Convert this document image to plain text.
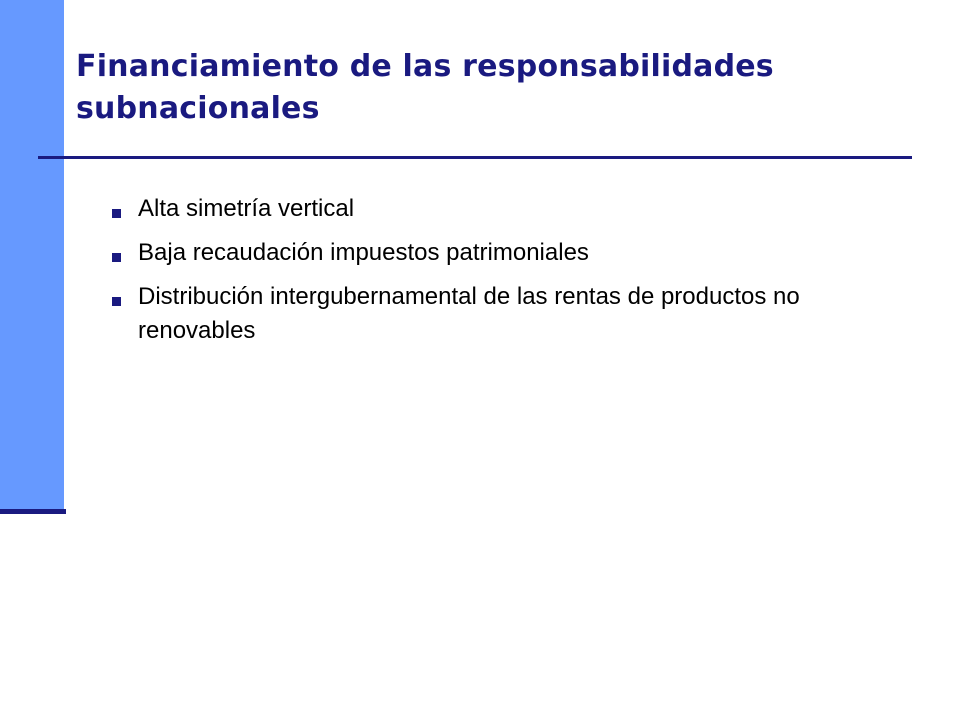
Financiamiento de las responsabilidades subnacionales
Alta simetría vertical
Baja recaudación impuestos patrimoniales
Distribución intergubernamental de las rentas de productos no renovables
